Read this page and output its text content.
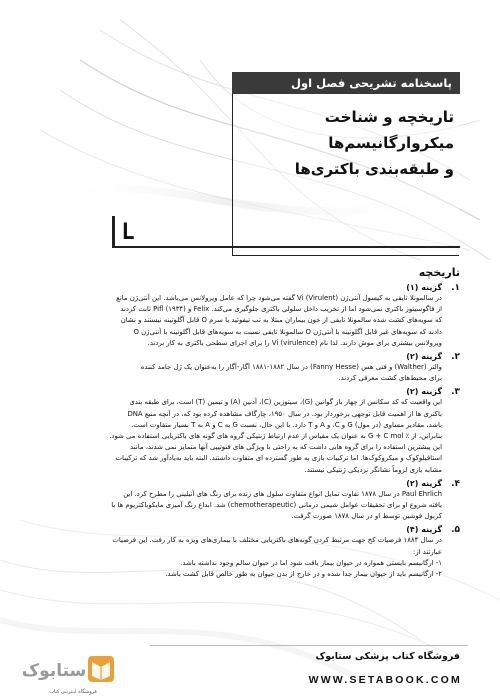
پاسخنامه تشریحی فصل اول
تاریخچه و شناخت میکروارگانیسم‌ها
و طبقه‌بندی باکتری‌ها
L
تاریخچه
۱.
گزینه (۱)
در سالمونلا تایفی به کپسول آنتی‌ژن (Virulent) Vi گفته می‌شود چرا که عامل ویرولانس می‌باشد. این آنتی‌ژن مانع
از فاگوسیتوز باکتری نمی‌شود اما از تخریب داخل سلولی باکتری جلوگیری می‌کند. Felix و Pifl (۱۹۳۴) ثابت کردند
که سویه‌های کشت شده سالمونلا تایفی از خون بیماران مبتلا به تب تیفوئید با سرم O قابل آگلوتینه نیستند و نشان
دادند که سویه‌های غیر قابل آگلوتینه با آنتی‌ژن O سالمونلا تایفی نسبت به سویه‌های قابل آگلوتینه با آنتی‌ژن O
ویرولانس بیشتری برای موش دارند. لذا نام (virulence) Vi را برای اجزای سطحی باکتری به کار بردند.
۲.
گزینه (۲)
والتر (Walther) و فنی هس (Fanny Hesse) در سال ۱۸۸۲-۱۸۸۱ آگار-آگار را به‌عنوان یک ژل جامد کننده
برای محیط‌های کشت معرفی کردند.
۳.
گزینه (۲)
این واقعیت که کد سکانس از چهار باز گوانین (G)، سیتوزین (C)، آدنین (A) و تیمین (T) است، برای طبقه بندی
باکتری ها از اهمیت قابل توجهی برخوردار بود. در سال ۱۹۵۰، چارگاف مشاهده کرده بود که، در آنچه منبع DNA
باشد، مقادیر مساوی (در مول) G و C، و A و T دارد. با این حال، نسبت G به C و A به T بسیار متفاوت است.
بنابراین، از ٪ G + C mol به عنوان یک مقیاس از عدم ارتباط ژنتیکی گروه های گونه های باکتریایی استفاده می شود.
این پیشترین استفاده را برای گروه هایی داشت که به راحتی با ویژگی های فنوتیپی آنها متمایز نمی شدند، مانند
استافیلوکوک و میکروکوک‌ها. اما ترکیبات بازی به طور گسترده ای متفاوت داشتند. البته باید به‌یادآور شد که ترکیبات
مشابه بازی لزوماً نشانگر نزدیکی ژنتیکی نیستند.
۴.
گزینه (۲)
Paul Ehrlich در سال ۱۸۷۸ تفاوت تمایل انواع متفاوت سلول های زنده برای رنگ های آنیلینی را مطرح کرد. این
یافته شروع او برای تحقیقات عوامل شیمی درمانی (chemotherapeutic) شد. ابداع رنگ آمیزی مایکوباکتریوم ها با
کربول فوشین توسط او در سال ۱۸۷۸ صورت گرفت.
۵.
گزینه (۴)
در سال ۱۸۸۴ فرضیات کخ جهت مرتبط کردن گونه‌های باکتریایی مختلف با بیماری‌های ویژه به کار رفت. این فرضیات
عبارتند از:
۱- ارگانیسم بایستی همواره در حیوان بیمار یافت شود اما در حیوان سالم وجود نداشته باشد.
۲- ارگانیسم باید از حیوان بیمار جدا شده و در خارج از بدن حیوان به طور خالص قابل کشت باشد.
فروشگاه کتاب پزشکی ستابوک
WWW.SETABOOK.COM
ستابوک
فروشگاه اینترنتی کتاب
